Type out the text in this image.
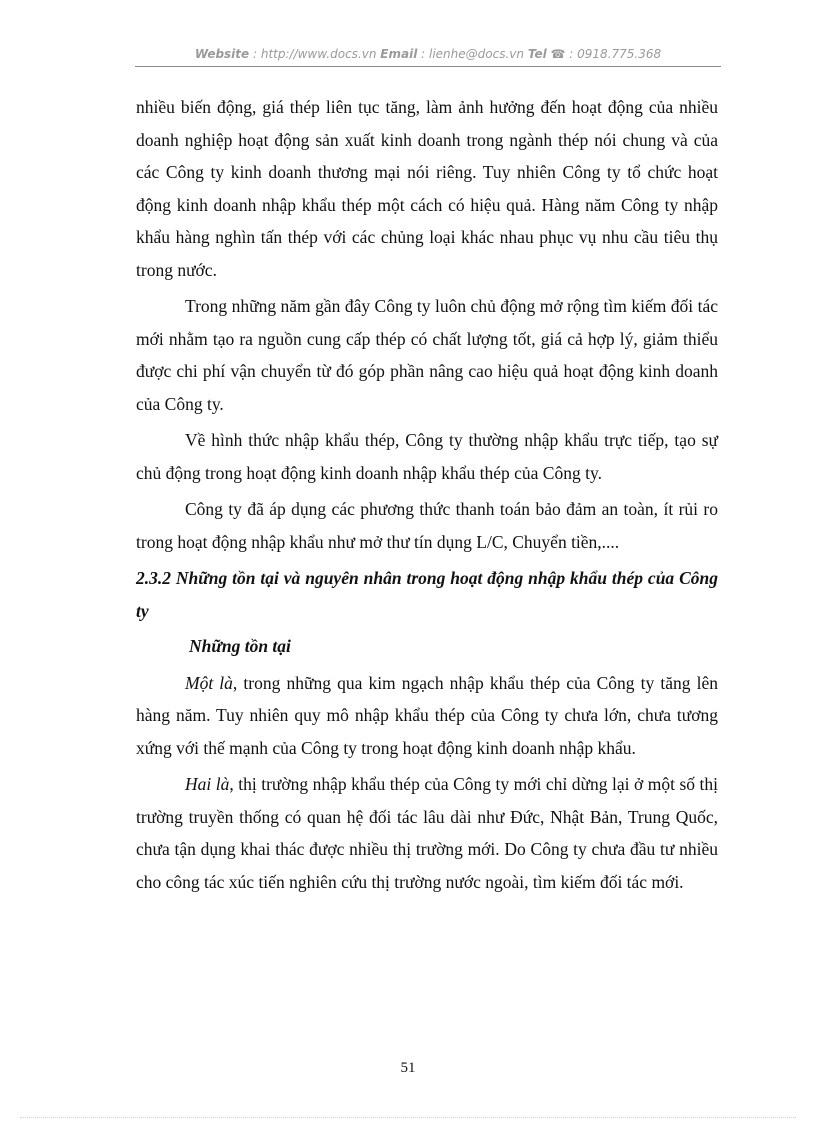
Website : http://www.docs.vn Email : lienhe@docs.vn Tel ☎ : 0918.775.368

nhiều biến động, giá thép liên tục tăng, làm ảnh hưởng đến hoạt động của nhiều doanh nghiệp hoạt động sản xuất kinh doanh trong ngành thép nói chung và của các Công ty kinh doanh thương mại nói riêng. Tuy nhiên Công ty tổ chức hoạt động kinh doanh nhập khẩu thép một cách có hiệu quả. Hàng năm Công ty nhập khẩu hàng nghìn tấn thép với các chủng loại khác nhau phục vụ nhu cầu tiêu thụ trong nước.

Trong những năm gần đây Công ty luôn chủ động mở rộng tìm kiếm đối tác mới nhằm tạo ra nguồn cung cấp thép có chất lượng tốt, giá cả hợp lý, giảm thiểu được chi phí vận chuyển từ đó góp phần nâng cao hiệu quả hoạt động kinh doanh của Công ty.

Về hình thức nhập khẩu thép, Công ty thường nhập khẩu trực tiếp, tạo sự chủ động trong hoạt động kinh doanh nhập khẩu thép của Công ty.

Công ty đã áp dụng các phương thức thanh toán bảo đảm an toàn, ít rủi ro trong hoạt động nhập khẩu như mở thư tín dụng L/C, Chuyển tiền,....

2.3.2 Những tồn tại và nguyên nhân trong hoạt động nhập khẩu thép của Công ty

Những tồn tại

Một là, trong những qua kim ngạch nhập khẩu thép của Công ty tăng lên hàng năm. Tuy nhiên quy mô nhập khẩu thép của Công ty chưa lớn, chưa tương xứng với thế mạnh của Công ty trong hoạt động kinh doanh nhập khẩu.

Hai là, thị trường nhập khẩu thép của Công ty mới chỉ dừng lại ở một số thị trường truyền thống có quan hệ đối tác lâu dài như Đức, Nhật Bản, Trung Quốc, chưa tận dụng khai thác được nhiều thị trường mới. Do Công ty chưa đầu tư nhiều cho công tác xúc tiến nghiên cứu thị trường nước ngoài, tìm kiếm đối tác mới.

51
